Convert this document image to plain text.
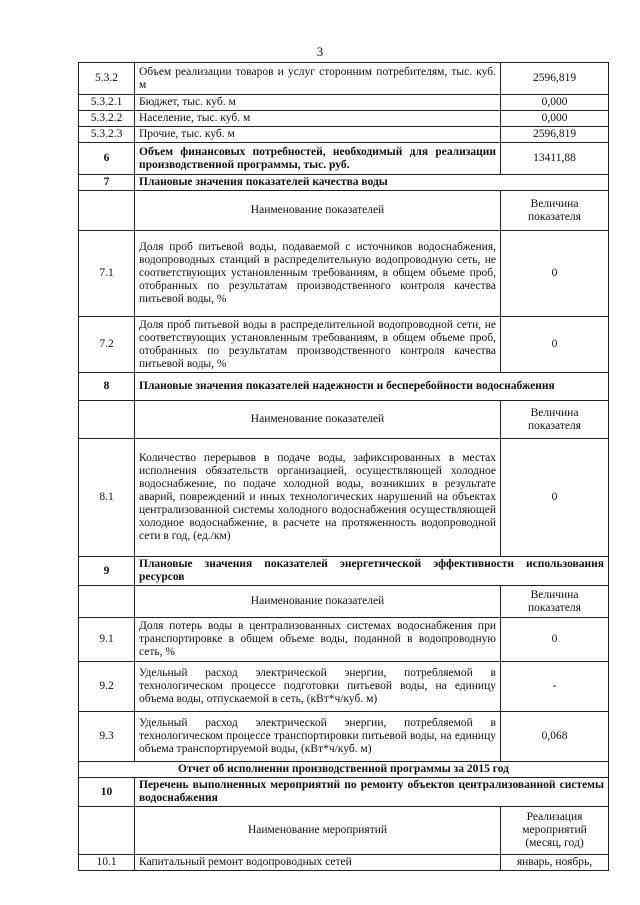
3
5.3.2	Объем реализации товаров и услуг сторонним потребителям, тыс. куб. м	2596,819
5.3.2.1	Бюджет, тыс. куб. м	0,000
5.3.2.2	Население, тыс. куб. м	0,000
5.3.2.3	Прочие, тыс. куб. м	2596,819
6	Объем финансовых потребностей, необходимый для реализации производственной программы, тыс. руб.	13411,88
7	Плановые значения показателей качества воды	
	Наименование показателей	Величина показателя
7.1	Доля проб питьевой воды, подаваемой с источников водоснабжения, водопроводных станций в распределительную водопроводную сеть, не соответствующих установленным требованиям, в общем объеме проб, отобранных по результатам производственного контроля качества питьевой воды, %	0
7.2	Доля проб питьевой воды в распределительной водопроводной сети, не соответствующих установленным требованиям, в общем объеме проб, отобранных по результатам производственного контроля качества питьевой воды, %	0
8	Плановые значения показателей надежности и бесперебойности водоснабжения	
	Наименование показателей	Величина показателя
8.1	Количество перерывов в подаче воды, зафиксированных в местах исполнения обязательств организацией, осуществляющей холодное водоснабжение, по подаче холодной воды, возникших в результате аварий, повреждений и иных технологических нарушений на объектах централизованной системы холодного водоснабжения осуществляющей холодное водоснабжение, в расчете на протяженность водопроводной сети в год, (ед./км)	0
9	Плановые значения показателей энергетической эффективности использования ресурсов	
	Наименование показателей	Величина показателя
9.1	Доля потерь воды в централизованных системах водоснабжения при транспортировке в общем объеме воды, поданной в водопроводную сеть, %	0
9.2	Удельный расход электрической энергии, потребляемой в технологическом процессе подготовки питьевой воды, на единицу объема воды, отпускаемой в сеть, (кВт*ч/куб. м)	-
9.3	Удельный расход электрической энергии, потребляемой в технологическом процессе транспортировки питьевой воды, на единицу объема транспортируемой воды, (кВт*ч/куб. м)	0,068
Отчет об исполнении производственной программы за 2015 год		
10	Перечень выполненных мероприятий по ремонту объектов централизованной системы водоснабжения	
	Наименование мероприятий	Реализация мероприятий (месяц, год)
10.1	Капитальный ремонт водопроводных сетей	январь, ноябрь,
